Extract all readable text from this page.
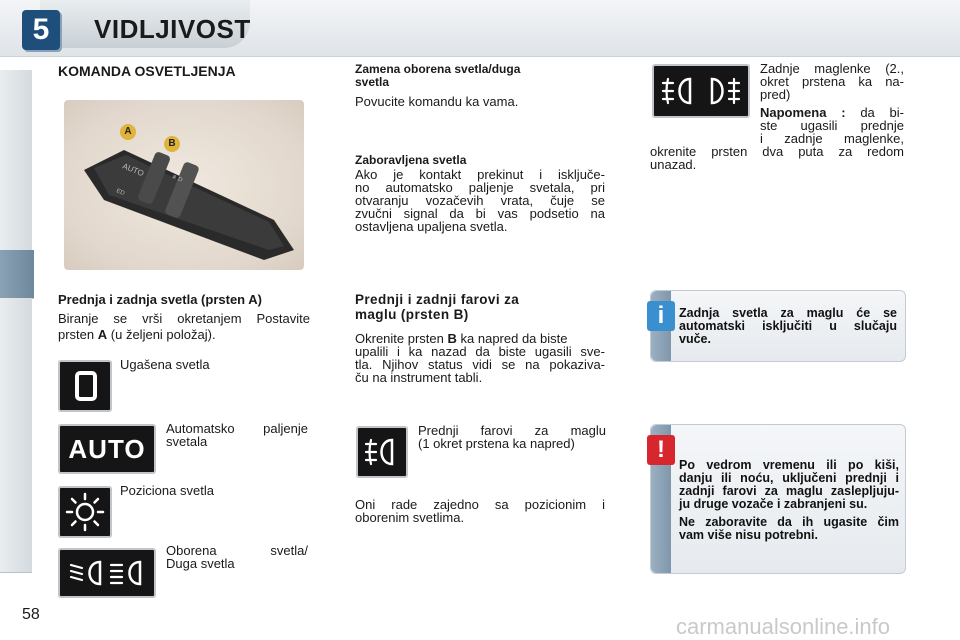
5	VIDLJIVOST
58
KOMANDA OSVETLJENJA
AUTO
≢D
ED
A
B
Prednja i zadnja svetla (prsten A)
Biranje se vrši okretanjem Postavite
prsten A (u željeni položaj).
Ugašena svetla
AUTO
Automatsko paljenje
svetala
Poziciona svetla
Oborena svetla/
Duga svetla
Zamena oborena svetla/duga
svetla
Povucite komandu ka vama.
Zaboravljena svetla
Ako je kontakt prekinut i isključe-
no automatsko paljenje svetala, pri
otvaranju vozačevih vrata, čuje se
zvučni signal da bi vas podsetio na
ostavljena upaljena svetla.
Prednji i zadnji farovi za
maglu (prsten B)
Okrenite prsten B ka napred da biste
upalili i ka nazad da biste ugasili sve-
tla. Njihov status vidi se na pokaziva-
ču na instrument tabli.
Prednji farovi za maglu
(1 okret prstena ka napred)
Oni rade zajedno sa pozicionim i
oborenim svetlima.
Zadnje maglenke (2.,
okret prstena ka na-
pred)
Napomena : da bi-
ste ugasili prednje
i zadnje maglenke,
okrenite prsten dva puta za redom
unazad.
i	Zadnja svetla za maglu će se
automatski isključiti u slučaju
vuče.
!
Po vedrom vremenu ili po kiši,
danju ili noću, uključeni prednji i
zadnji farovi za maglu zaslepljuju-
ju druge vozače i zabranjeni su.
Ne zaboravite da ih ugasite čim
vam više nisu potrebni.
carmanualsonline.info
